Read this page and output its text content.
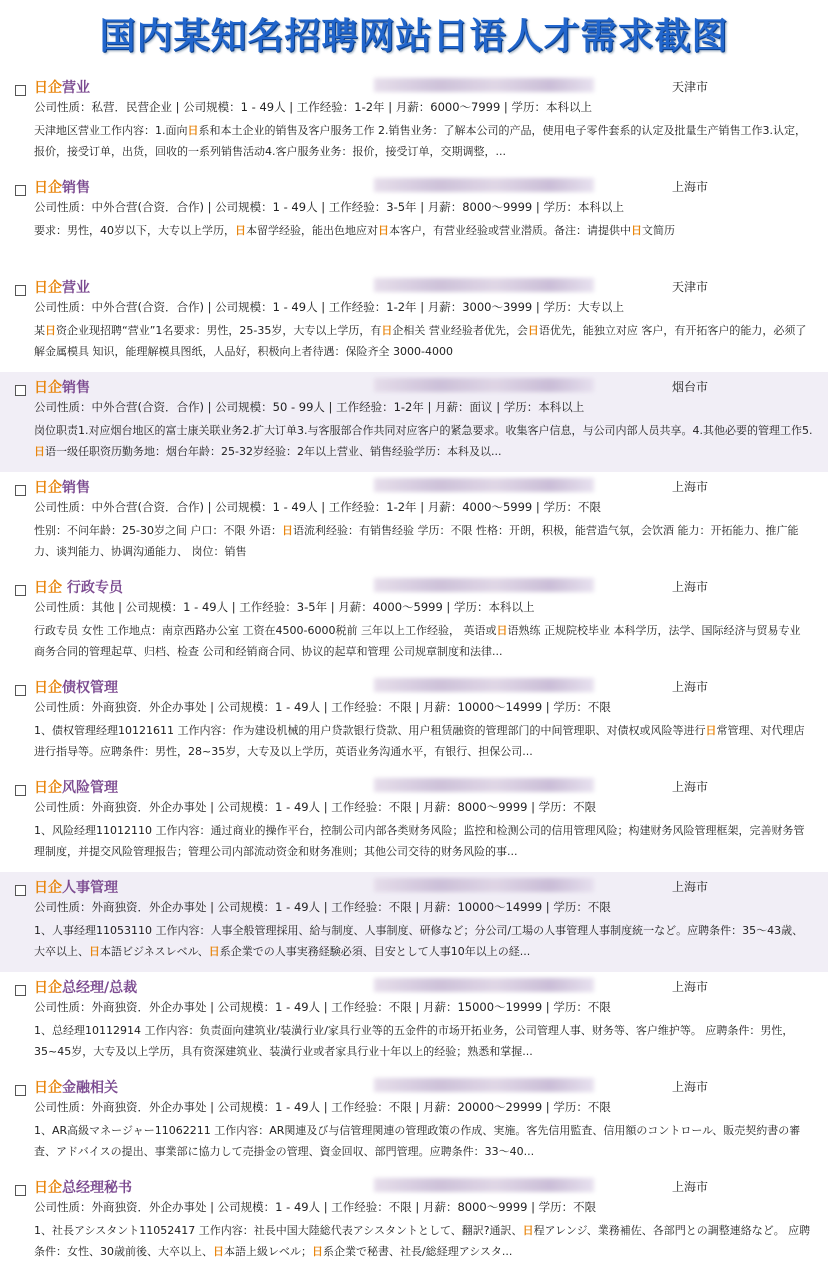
国内某知名招聘网站日语人才需求截图
日企营业	天津市
公司性质：私营．民营企业 | 公司规模：1 - 49人 | 工作经验：1-2年 | 月薪：6000～7999 | 学历：本科以上
天津地区营业工作内容：1.面向日系和本土企业的销售及客户服务工作 2.销售业务：了解本公司的产品，使用电子零件套系的认定及批量生产销售工作3.认定，报价，接受订单，出货，回收的一系列销售活动4.客户服务业务：报价，接受订单，交期调整，...
日企销售	上海市
公司性质：中外合营(合资．合作) | 公司规模：1 - 49人 | 工作经验：3-5年 | 月薪：8000～9999 | 学历：本科以上
要求：男性，40岁以下，大专以上学历，日本留学经验，能出色地应对日本客户，有营业经验或营业潜质。备注：请提供中日文简历
日企营业	天津市
公司性质：中外合营(合资．合作) | 公司规模：1 - 49人 | 工作经验：1-2年 | 月薪：3000～3999 | 学历：大专以上
某日资企业现招聘“营业”1名要求：男性，25-35岁，大专以上学历，有日企相关 营业经验者优先，会日语优先，能独立对应 客户，有开拓客户的能力，必须了解金属模具 知识，能理解模具图纸，人品好，积极向上者待遇：保险齐全 3000-4000
日企销售	烟台市
公司性质：中外合营(合资．合作) | 公司规模：50 - 99人 | 工作经验：1-2年 | 月薪：面议 | 学历：本科以上
岗位职责1.对应烟台地区的富士康关联业务2.扩大订单3.与客服部合作共同对应客户的紧急要求。收集客户信息，与公司内部人员共享。4.其他必要的管理工作5.日语一级任职资历勤务地：烟台年龄：25-32岁经验：2年以上营业、销售经验学历：本科及以...
日企销售	上海市
公司性质：中外合营(合资．合作) | 公司规模：1 - 49人 | 工作经验：1-2年 | 月薪：4000～5999 | 学历：不限
性别：不问年龄：25-30岁之间 户口：不限 外语：日语流利经验：有销售经验 学历：不限 性格：开朗，积极，能营造气氛，会饮酒 能力：开拓能力、推广能力、谈判能力、协调沟通能力、 岗位：销售
日企 行政专员	上海市
公司性质：其他 | 公司规模：1 - 49人 | 工作经验：3-5年 | 月薪：4000～5999 | 学历：本科以上
行政专员 女性 工作地点：南京西路办公室 工资在4500-6000税前 三年以上工作经验， 英语或日语熟练 正规院校毕业 本科学历，法学、国际经济与贸易专业 商务合同的管理起草、归档、检查 公司和经销商合同、协议的起草和管理 公司规章制度和法律...
日企债权管理	上海市
公司性质：外商独资．外企办事处 | 公司规模：1 - 49人 | 工作经验：不限 | 月薪：10000～14999 | 学历：不限
1、债权管理经理10121611 工作内容：作为建设机械的用户贷款银行贷款、用户租赁融资的管理部门的中间管理职、对债权或风险等进行日常管理、对代理店进行指导等。应聘条件：男性，28~35岁，大专及以上学历，英语业务沟通水平，有银行、担保公司...
日企风险管理	上海市
公司性质：外商独资．外企办事处 | 公司规模：1 - 49人 | 工作经验：不限 | 月薪：8000～9999 | 学历：不限
1、风险经理11012110 工作内容：通过商业的操作平台，控制公司内部各类财务风险；监控和检测公司的信用管理风险；构建财务风险管理框架，完善财务管理制度，并提交风险管理报告；管理公司内部流动资金和财务准则；其他公司交待的财务风险的事...
日企人事管理	上海市
公司性质：外商独资．外企办事处 | 公司规模：1 - 49人 | 工作经验：不限 | 月薪：10000～14999 | 学历：不限
1、人事经理11053110 工作内容：人事全般管理採用、給与制度、人事制度、研修など；分公司/工場の人事管理人事制度統一など。应聘条件：35～43歳、大卒以上、日本語ビジネスレベル、日系企業での人事実務経験必須、目安として人事10年以上の経...
日企总经理/总裁	上海市
公司性质：外商独资．外企办事处 | 公司规模：1 - 49人 | 工作经验：不限 | 月薪：15000～19999 | 学历：不限
1、总经理10112914 工作内容：负责面向建筑业/装潢行业/家具行业等的五金件的市场开拓业务，公司管理人事、财务等、客户维护等。 应聘条件：男性，35~45岁，大专及以上学历，具有资深建筑业、装潢行业或者家具行业十年以上的经验；熟悉和掌握...
日企金融相关	上海市
公司性质：外商独资．外企办事处 | 公司规模：1 - 49人 | 工作经验：不限 | 月薪：20000～29999 | 学历：不限
1、AR高級マネージャー11062211 工作内容：AR関連及び与信管理関連の管理政策の作成、実施。客先信用監査、信用額のコントロール、販売契約書の審査、アドバイスの提出、事業部に協力して売掛金の管理、資金回収、部門管理。应聘条件：33～40...
日企总经理秘书	上海市
公司性质：外商独资．外企办事处 | 公司规模：1 - 49人 | 工作经验：不限 | 月薪：8000～9999 | 学历：不限
1、社長アシスタント11052417 工作内容：社長中国大陸総代表アシスタントとして、翻訳?通訳、日程アレンジ、業務補佐、各部門との調整連絡など。 应聘条件：女性、30歳前後、大卒以上、日本語上級レベル；日系企業で秘書、社長/総経理アシスタ...
